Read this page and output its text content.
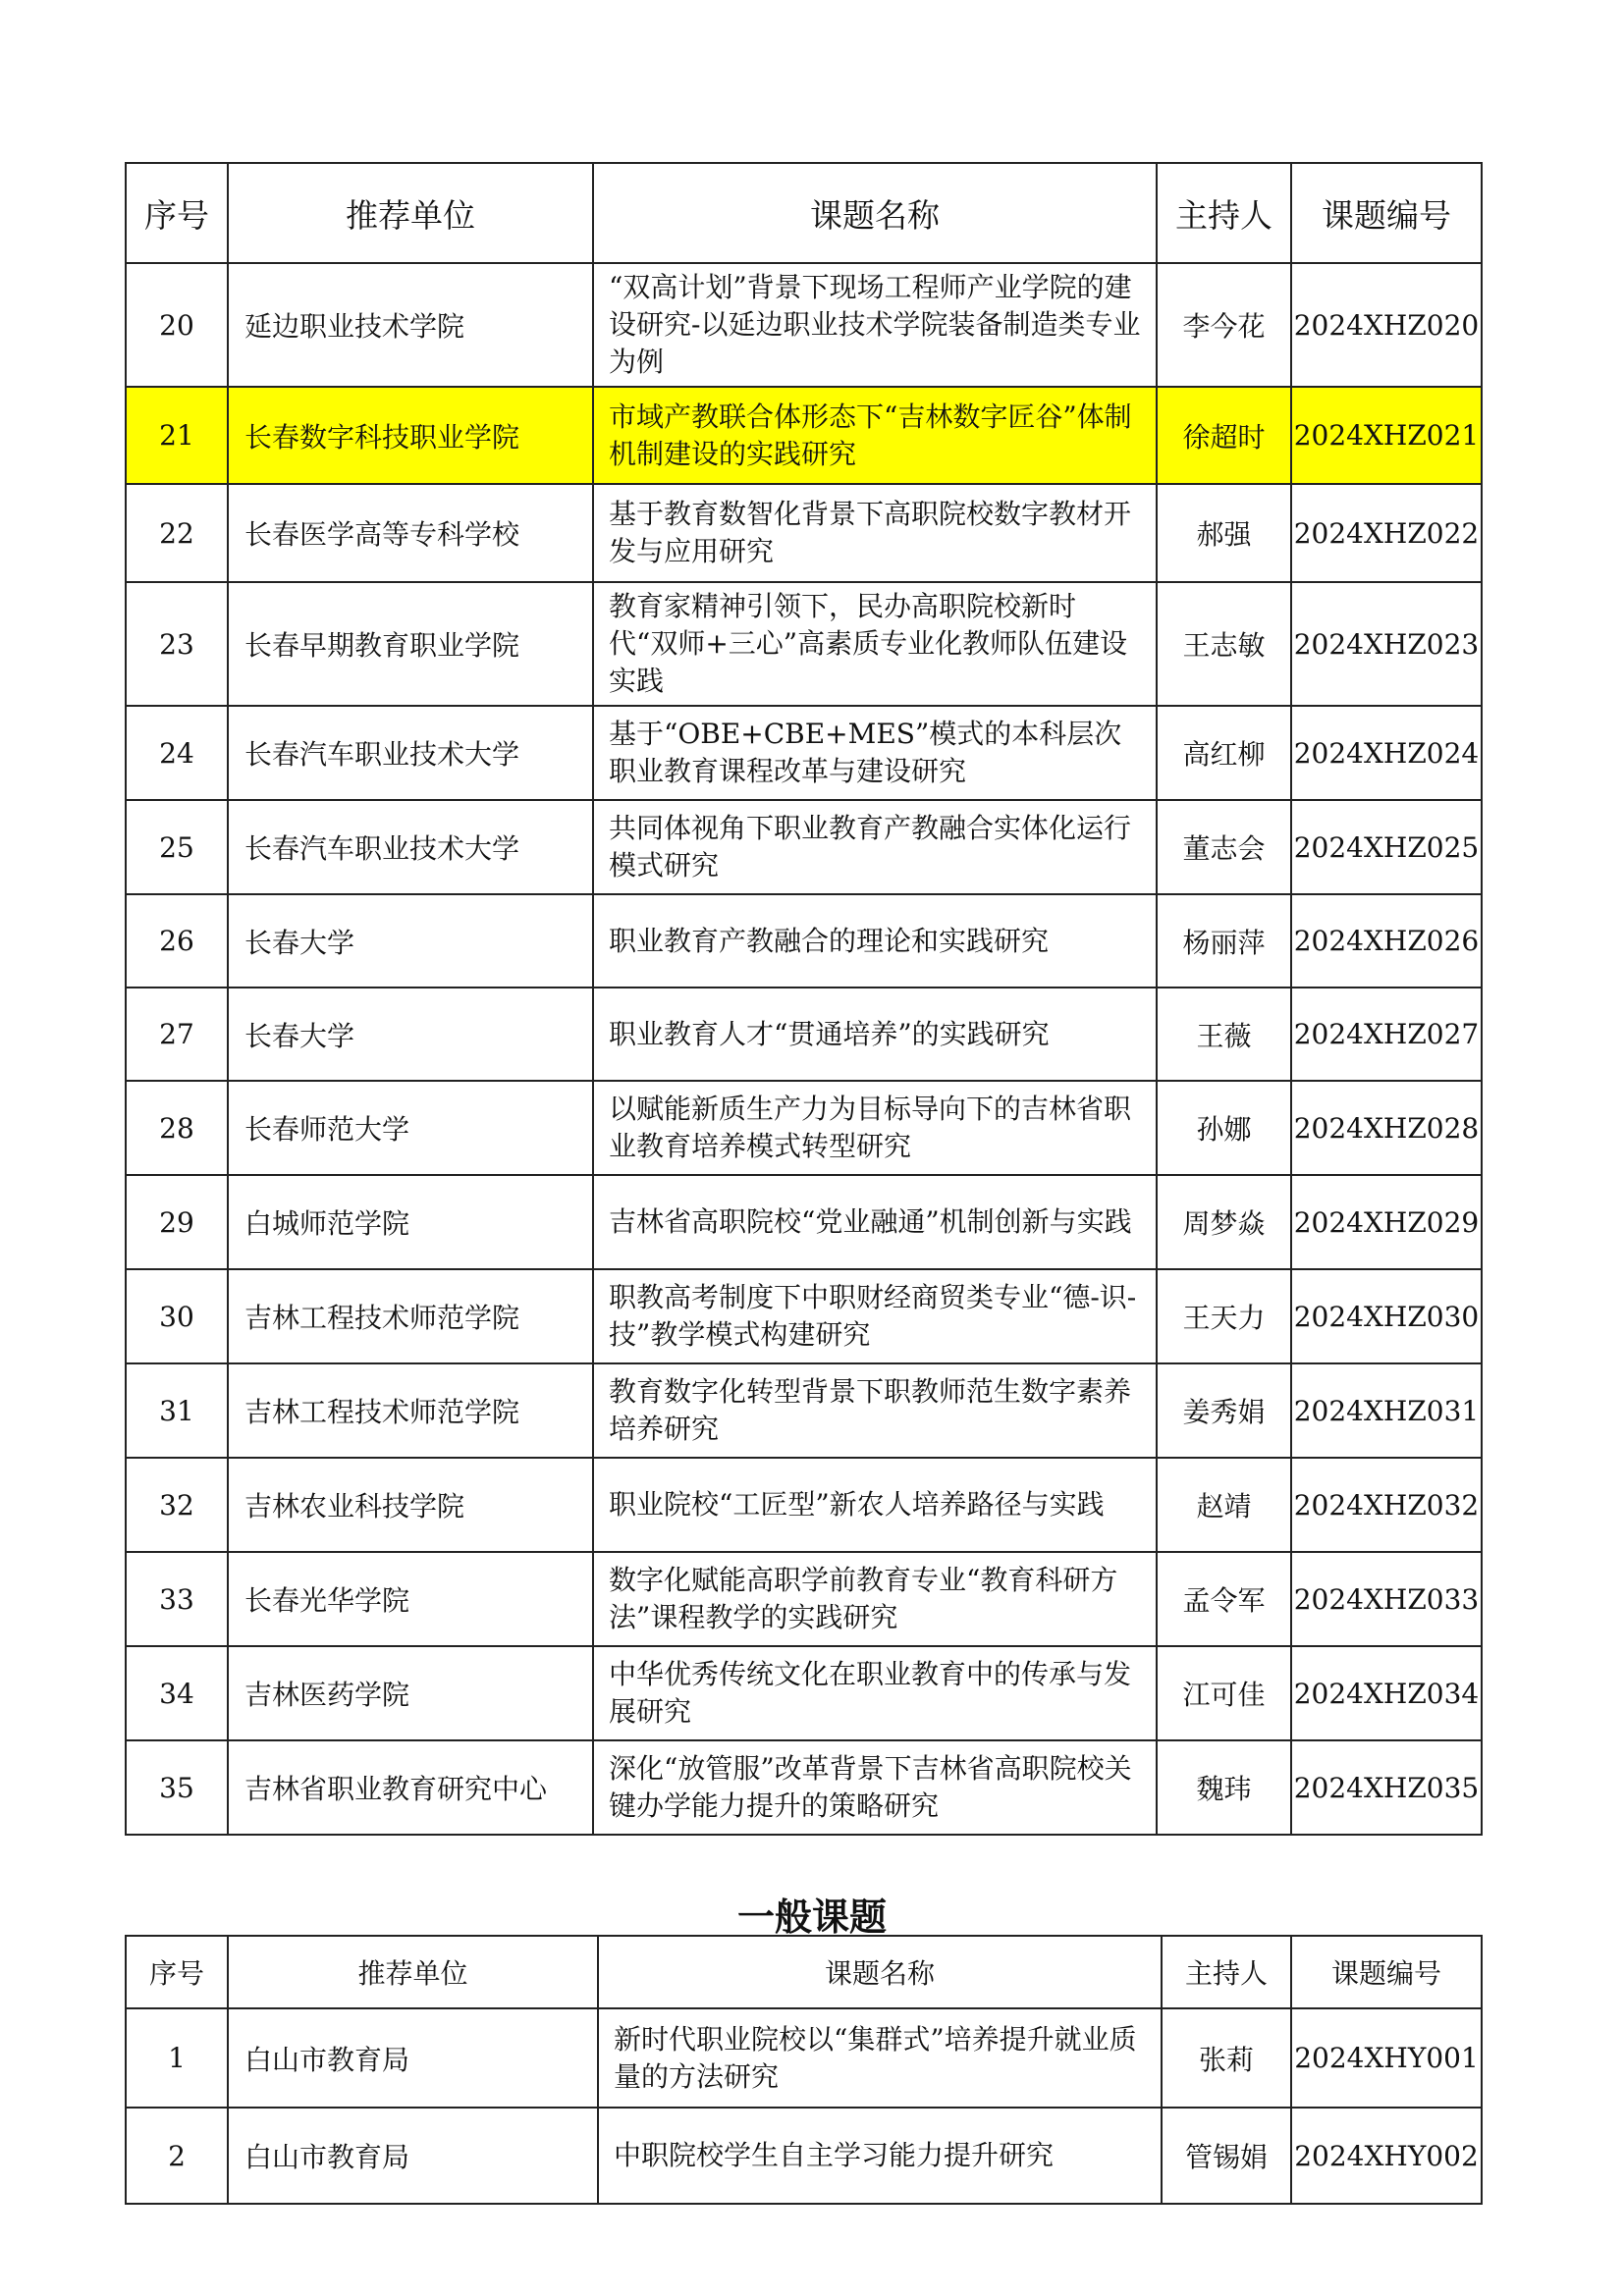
序号	推荐单位	课题名称	主持人	课题编号
20	延边职业技术学院	“双高计划”背景下现场工程师产业学院的建设研究-以延边职业技术学院装备制造类专业为例	李今花	2024XHZ020
21	长春数字科技职业学院	市域产教联合体形态下“吉林数字匠谷”体制机制建设的实践研究	徐超时	2024XHZ021
22	长春医学高等专科学校	基于教育数智化背景下高职院校数字教材开发与应用研究	郝强	2024XHZ022
23	长春早期教育职业学院	教育家精神引领下，民办高职院校新时代“双师+三心”高素质专业化教师队伍建设实践	王志敏	2024XHZ023
24	长春汽车职业技术大学	基于“OBE+CBE+MES”模式的本科层次职业教育课程改革与建设研究	高红柳	2024XHZ024
25	长春汽车职业技术大学	共同体视角下职业教育产教融合实体化运行模式研究	董志会	2024XHZ025
26	长春大学	职业教育产教融合的理论和实践研究	杨丽萍	2024XHZ026
27	长春大学	职业教育人才“贯通培养”的实践研究	王薇	2024XHZ027
28	长春师范大学	以赋能新质生产力为目标导向下的吉林省职业教育培养模式转型研究	孙娜	2024XHZ028
29	白城师范学院	吉林省高职院校“党业融通”机制创新与实践	周梦焱	2024XHZ029
30	吉林工程技术师范学院	职教高考制度下中职财经商贸类专业“德-识-技”教学模式构建研究	王天力	2024XHZ030
31	吉林工程技术师范学院	教育数字化转型背景下职教师范生数字素养培养研究	姜秀娟	2024XHZ031
32	吉林农业科技学院	职业院校“工匠型”新农人培养路径与实践	赵靖	2024XHZ032
33	长春光华学院	数字化赋能高职学前教育专业“教育科研方法”课程教学的实践研究	孟令军	2024XHZ033
34	吉林医药学院	中华优秀传统文化在职业教育中的传承与发展研究	江可佳	2024XHZ034
35	吉林省职业教育研究中心	深化“放管服”改革背景下吉林省高职院校关键办学能力提升的策略研究	魏玮	2024XHZ035
一般课题
序号	推荐单位	课题名称	主持人	课题编号
1	白山市教育局	新时代职业院校以“集群式”培养提升就业质量的方法研究	张莉	2024XHY001
2	白山市教育局	中职院校学生自主学习能力提升研究	管锡娟	2024XHY002
